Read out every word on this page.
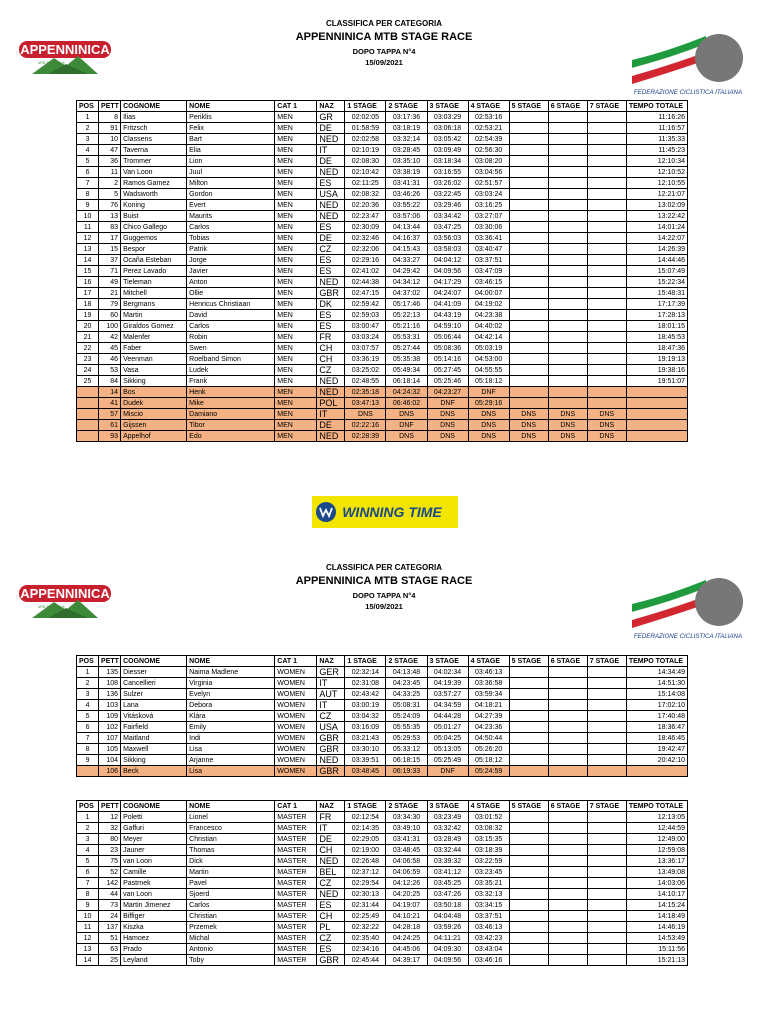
CLASSIFICA PER CATEGORIA
APPENNINICA MTB STAGE RACE
DOPO TAPPA N°4
15/09/2021
APPENNINICA
MTB Stage Race
FEDERAZIONE CICLISTICA ITALIANA
POS	PETT	COGNOME	NOME	CAT 1	NAZ	1 STAGE	2 STAGE	3 STAGE	4 STAGE	5 STAGE	6 STAGE	7 STAGE	TEMPO TOTALE
1	8	Ilias	Periklis	MEN	GR	02:02:05	03:17:36	03:03:29	02:53:16				11:16:26
2	91	Fritzsch	Felix	MEN	DE	01:58:59	03:18:19	03:06:18	02:53:21				11:16:57
3	10	Classens	Bart	MEN	NED	02:02:58	03:32:14	03:05:42	02:54:39				11:35:33
4	47	Taverna	Elia	MEN	IT	02:10:19	03:28:45	03:09:49	02:56:30				11:45:23
5	36	Trommer	Lion	MEN	DE	02:08:30	03:35:10	03:18:34	03:08:20				12:10:34
6	11	Van Loon	Juul	MEN	NED	02:10:42	03:38:19	03:16:55	03:04:56				12:10:52
7	2	Ramos Gamez	Milton	MEN	ES	02:11:25	03:41:31	03:26:02	02:51:57				12:10:55
8	5	Wadsworth	Gordon	MEN	USA	02:08:32	03:46:26	03:22:45	03:03:24				12:21:07
9	76	Koning	Evert	MEN	NED	02:20:36	03:55:22	03:29:46	03:16:25				13:02:09
10	13	Buist	Maurits	MEN	NED	02:23:47	03:57:06	03:34:42	03:27:07				13:22:42
11	83	Chico Gallego	Carlos	MEN	ES	02:30:09	04:13:44	03:47:25	03:30:06				14:01:24
12	17	Guggemos	Tobias	MEN	DE	02:32:46	04:16:37	03:56:03	03:36:41				14:22:07
13	15	Bespor	Patrik	MEN	CZ	02:32:06	04:15:43	03:58:03	03:40:47				14:26:39
14	37	Ocaña Esteban	Jorge	MEN	ES	02:29:16	04:33:27	04:04:12	03:37:51				14:44:46
15	71	Perez Lavado	Javier	MEN	ES	02:41:02	04:29:42	04:09:56	03:47:09				15:07:49
16	49	Tieleman	Anton	MEN	NED	02:44:38	04:34:12	04:17:29	03:46:15				15:22:34
17	21	Mitchell	Ollie	MEN	GBR	02:47:15	04:37:02	04:24:07	04:00:07				15:48:31
18	79	Bergmans	Henricus Christiaan	MEN	DK	02:59:42	05:17:46	04:41:09	04:19:02				17:17:39
19	60	Martin	David	MEN	ES	02:59:03	05:22:13	04:43:19	04:23:38				17:28:13
20	100	Giraldos Gomez	Carlos	MEN	ES	03:00:47	05:21:16	04:59:10	04:40:02				18:01:15
21	42	Malenfer	Robin	MEN	FR	03:03:24	05:53:31	05:06:44	04:42:14				18:45:53
22	45	Faber	Swen	MEN	CH	03:07:57	05:27:44	05:08:36	05:03:19				18:47:36
23	46	Veenman	Roelband Simon	MEN	CH	03:36:19	05:35:38	05:14:16	04:53:00				19:19:13
24	53	Vasa	Ludek	MEN	CZ	03:25:02	05:49:34	05:27:45	04:55:55				19:38:16
25	84	Sikking	Frank	MEN	NED	02:48:55	06:18:14	05:25:46	05:18:12				19:51:07
	14	Bos	Henk	MEN	NED	02:35:18	04:24:32	04:23:27	DNF				
	41	Dudek	Mike	MEN	POL	03:47:13	06:46:02	DNF	05:29:16				
	57	Miscio	Damiano	MEN	IT	DNS	DNS	DNS	DNS	DNS	DNS	DNS	
	61	Gijssen	Tibor	MEN	DE	02:22:16	DNF	DNS	DNS	DNS	DNS	DNS	
	93	Appelhof	Edo	MEN	NED	02:28:39	DNS	DNS	DNS	DNS	DNS	DNS	
WINNING TIME
CLASSIFICA PER CATEGORIA
APPENNINICA MTB STAGE RACE
DOPO TAPPA N°4
15/09/2021
APPENNINICA
MTB Stage Race
FEDERAZIONE CICLISTICA ITALIANA
POS	PETT	COGNOME	NOME	CAT 1	NAZ	1 STAGE	2 STAGE	3 STAGE	4 STAGE	5 STAGE	6 STAGE	7 STAGE	TEMPO TOTALE
1	135	Diesser	Naima Madlene	WOMEN	GER	02:32:14	04:13:48	04:02:34	03:46:13				14:34:49
2	108	Cancellieri	Virginia	WOMEN	IT	02:31:08	04:23:45	04:19:39	03:36:58				14:51:30
3	136	Sulzer	Evelyn	WOMEN	AUT	02:43:42	04:33:25	03:57:27	03:59:34				15:14:08
4	103	Lana	Debora	WOMEN	IT	03:00:19	05:08:31	04:34:59	04:18:21				17:02:10
5	109	Vitásková	Klára	WOMEN	CZ	03:04:32	05:24:09	04:44:28	04:27:39				17:40:48
6	102	Fairfield	Emily	WOMEN	USA	03:16:09	05:55:35	05:01:27	04:23:36				18:36:47
7	107	Maitland	Indi	WOMEN	GBR	03:21:43	05:29:53	05:04:25	04:50:44				18:46:45
8	105	Maxwell	Lisa	WOMEN	GBR	03:30:10	05:33:12	05:13:05	05:26:20				19:42:47
9	104	Sikking	Arjanne	WOMEN	NED	03:39:51	06:18:15	05:25:49	05:18:12				20:42:10
	106	Beck	Lisa	WOMEN	GBR	03:48:45	06:19:33	DNF	05:24:59				
POS	PETT	COGNOME	NOME	CAT 1	NAZ	1 STAGE	2 STAGE	3 STAGE	4 STAGE	5 STAGE	6 STAGE	7 STAGE	TEMPO TOTALE
1	12	Poletti	Lionel	MASTER	FR	02:12:54	03:34:30	03:23:49	03:01:52				12:13:05
2	32	Gaffuri	Francesco	MASTER	IT	02:14:35	03:49:10	03:32:42	03:08:32				12:44:59
3	80	Meyer	Christian	MASTER	DE	02:29:05	03:41:31	03:28:49	03:15:35				12:49:00
4	23	Jauner	Thomas	MASTER	CH	02:19:00	03:48:45	03:32:44	03:18:39				12:59:08
5	75	van Loon	Dick	MASTER	NED	02:26:48	04:06:58	03:39:32	03:22:59				13:36:17
6	52	Camille	Martin	MASTER	BEL	02:37:12	04:06:59	03:41:12	03:23:45				13:49:08
7	142	Pastrnek	Pavel	MASTER	CZ	02:29:54	04:12:26	03:45:25	03:35:21				14:03:06
8	44	van Loon	Sjoerd	MASTER	NED	02:30:13	04:20:25	03:47:26	03:32:13				14:10:17
9	73	Martin Jimenez	Carlos	MASTER	ES	02:31:44	04:19:07	03:50:18	03:34:15				14:15:24
10	24	Biffiger	Christian	MASTER	CH	02:25:49	04:10:21	04:04:48	03:37:51				14:18:49
11	137	Kiszka	Przemek	MASTER	PL	02:32:22	04:28:18	03:59:26	03:46:13				14:46:19
12	51	Hamoez	Michal	MASTER	CZ	02:35:40	04:24:25	04:11:21	03:42:23				14:53:49
13	63	Prado	Antonio	MASTER	ES	02:34:16	04:45:06	04:09:30	03:43:04				15:11:56
14	25	Leyland	Toby	MASTER	GBR	02:45:44	04:39:17	04:09:56	03:46:16				15:21:13
